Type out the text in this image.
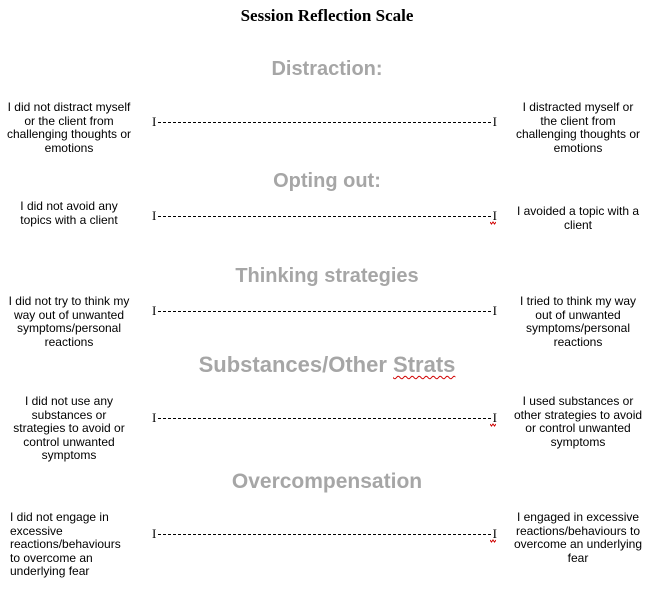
Session Reflection Scale
Distraction:
I did not distract myself or the client from challenging thoughts or emotions
I	I
I distracted myself or the client from challenging thoughts or emotions
Opting out:
I did not avoid any topics with a client	I	I	I avoided a topic with a client
Thinking strategies
I did not try to think my way out of unwanted symptoms/personal reactions
I	I
I tried to think my way out of unwanted symptoms/personal reactions
Substances/Other Strats
I did not use any substances or strategies to avoid or control unwanted symptoms
I	I
I used substances or other strategies to avoid or control unwanted symptoms
Overcompensation
I did not engage in excessive reactions/behaviours to overcome an underlying fear
I	I
I engaged in excessive reactions/behaviours to overcome an underlying fear
